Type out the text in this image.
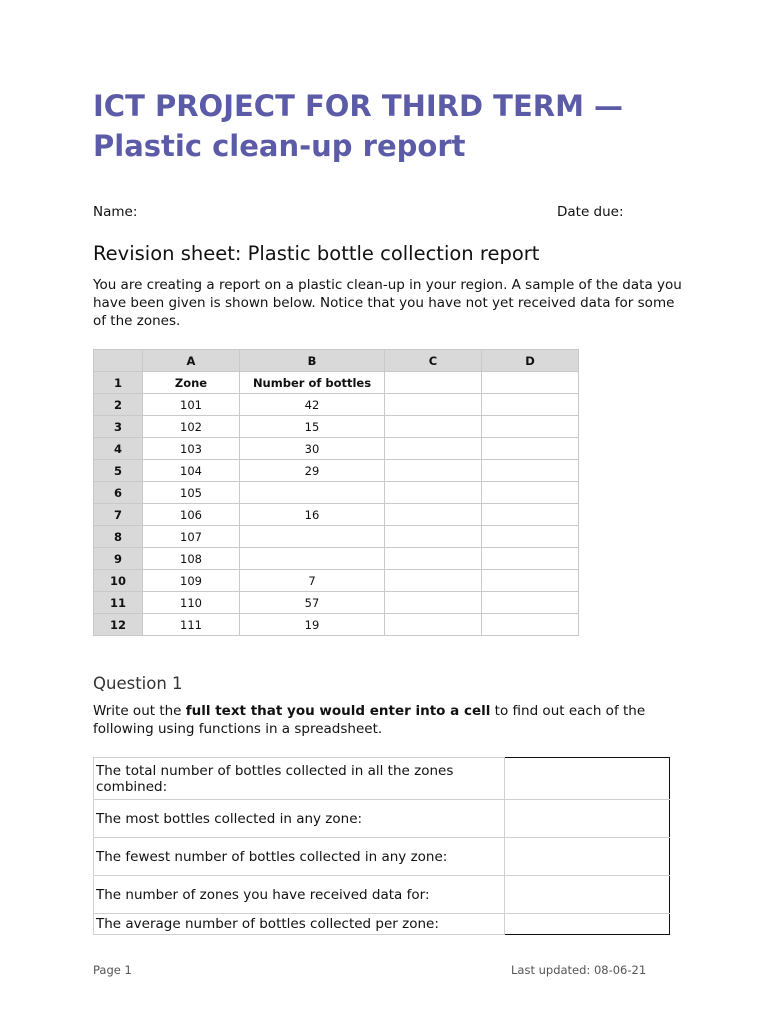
ICT PROJECT FOR THIRD TERM —
Plastic clean-up report
Name:	Date due:
Revision sheet: Plastic bottle collection report

You are creating a report on a plastic clean-up in your region. A sample of the data you have been given is shown below. Notice that you have not yet received data for some of the zones.

	A	B	C	D
1	Zone	Number of bottles		
2	101	42		
3	102	15		
4	103	30		
5	104	29		
6	105			
7	106	16		
8	107			
9	108			
10	109	7		
11	110	57		
12	111	19		
Question 1

Write out the full text that you would enter into a cell to find out each of the following using functions in a spreadsheet.

The total number of bottles collected in all the zones combined:	
The most bottles collected in any zone:	
The fewest number of bottles collected in any zone:	
The number of zones you have received data for:	
The average number of bottles collected per zone:	
Page 1	Last updated: 08-06-21
